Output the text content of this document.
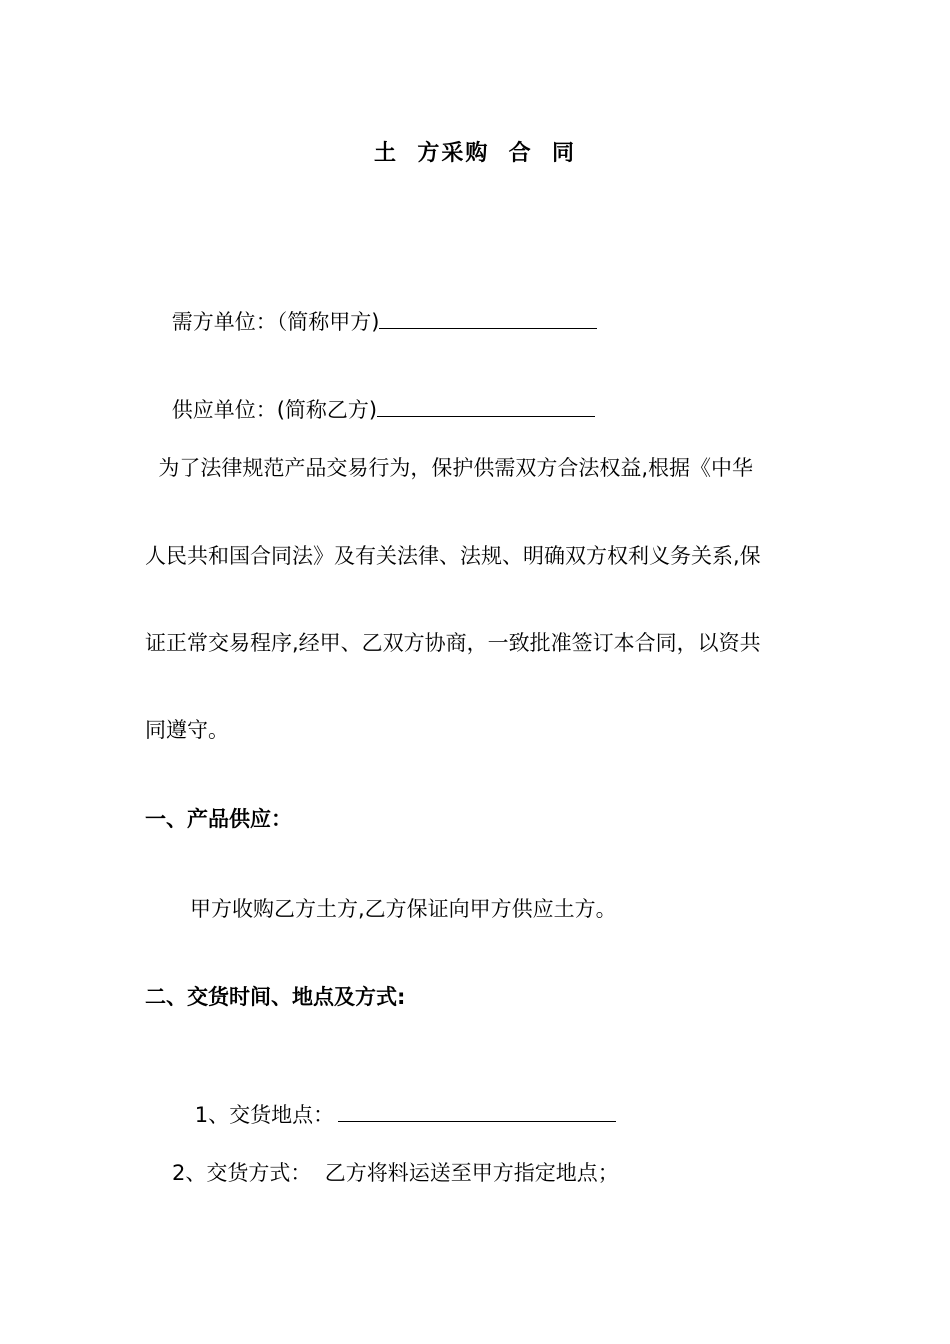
土  方采购  合  同

需方单位：（简称甲方)

供应单位：(简称乙方)

为了法律规范产品交易行为，保护供需双方合法权益,根据《中华
人民共和国合同法》及有关法律、法规、明确双方权利义务关系,保
证正常交易程序,经甲、乙双方协商，一致批准签订本合同，以资共
同遵守。
一、产品供应：
甲方收购乙方土方,乙方保证向甲方供应土方。
二、交货时间、地点及方式:

1、交货地点：

2、交货方式：  乙方将料运送至甲方指定地点；
